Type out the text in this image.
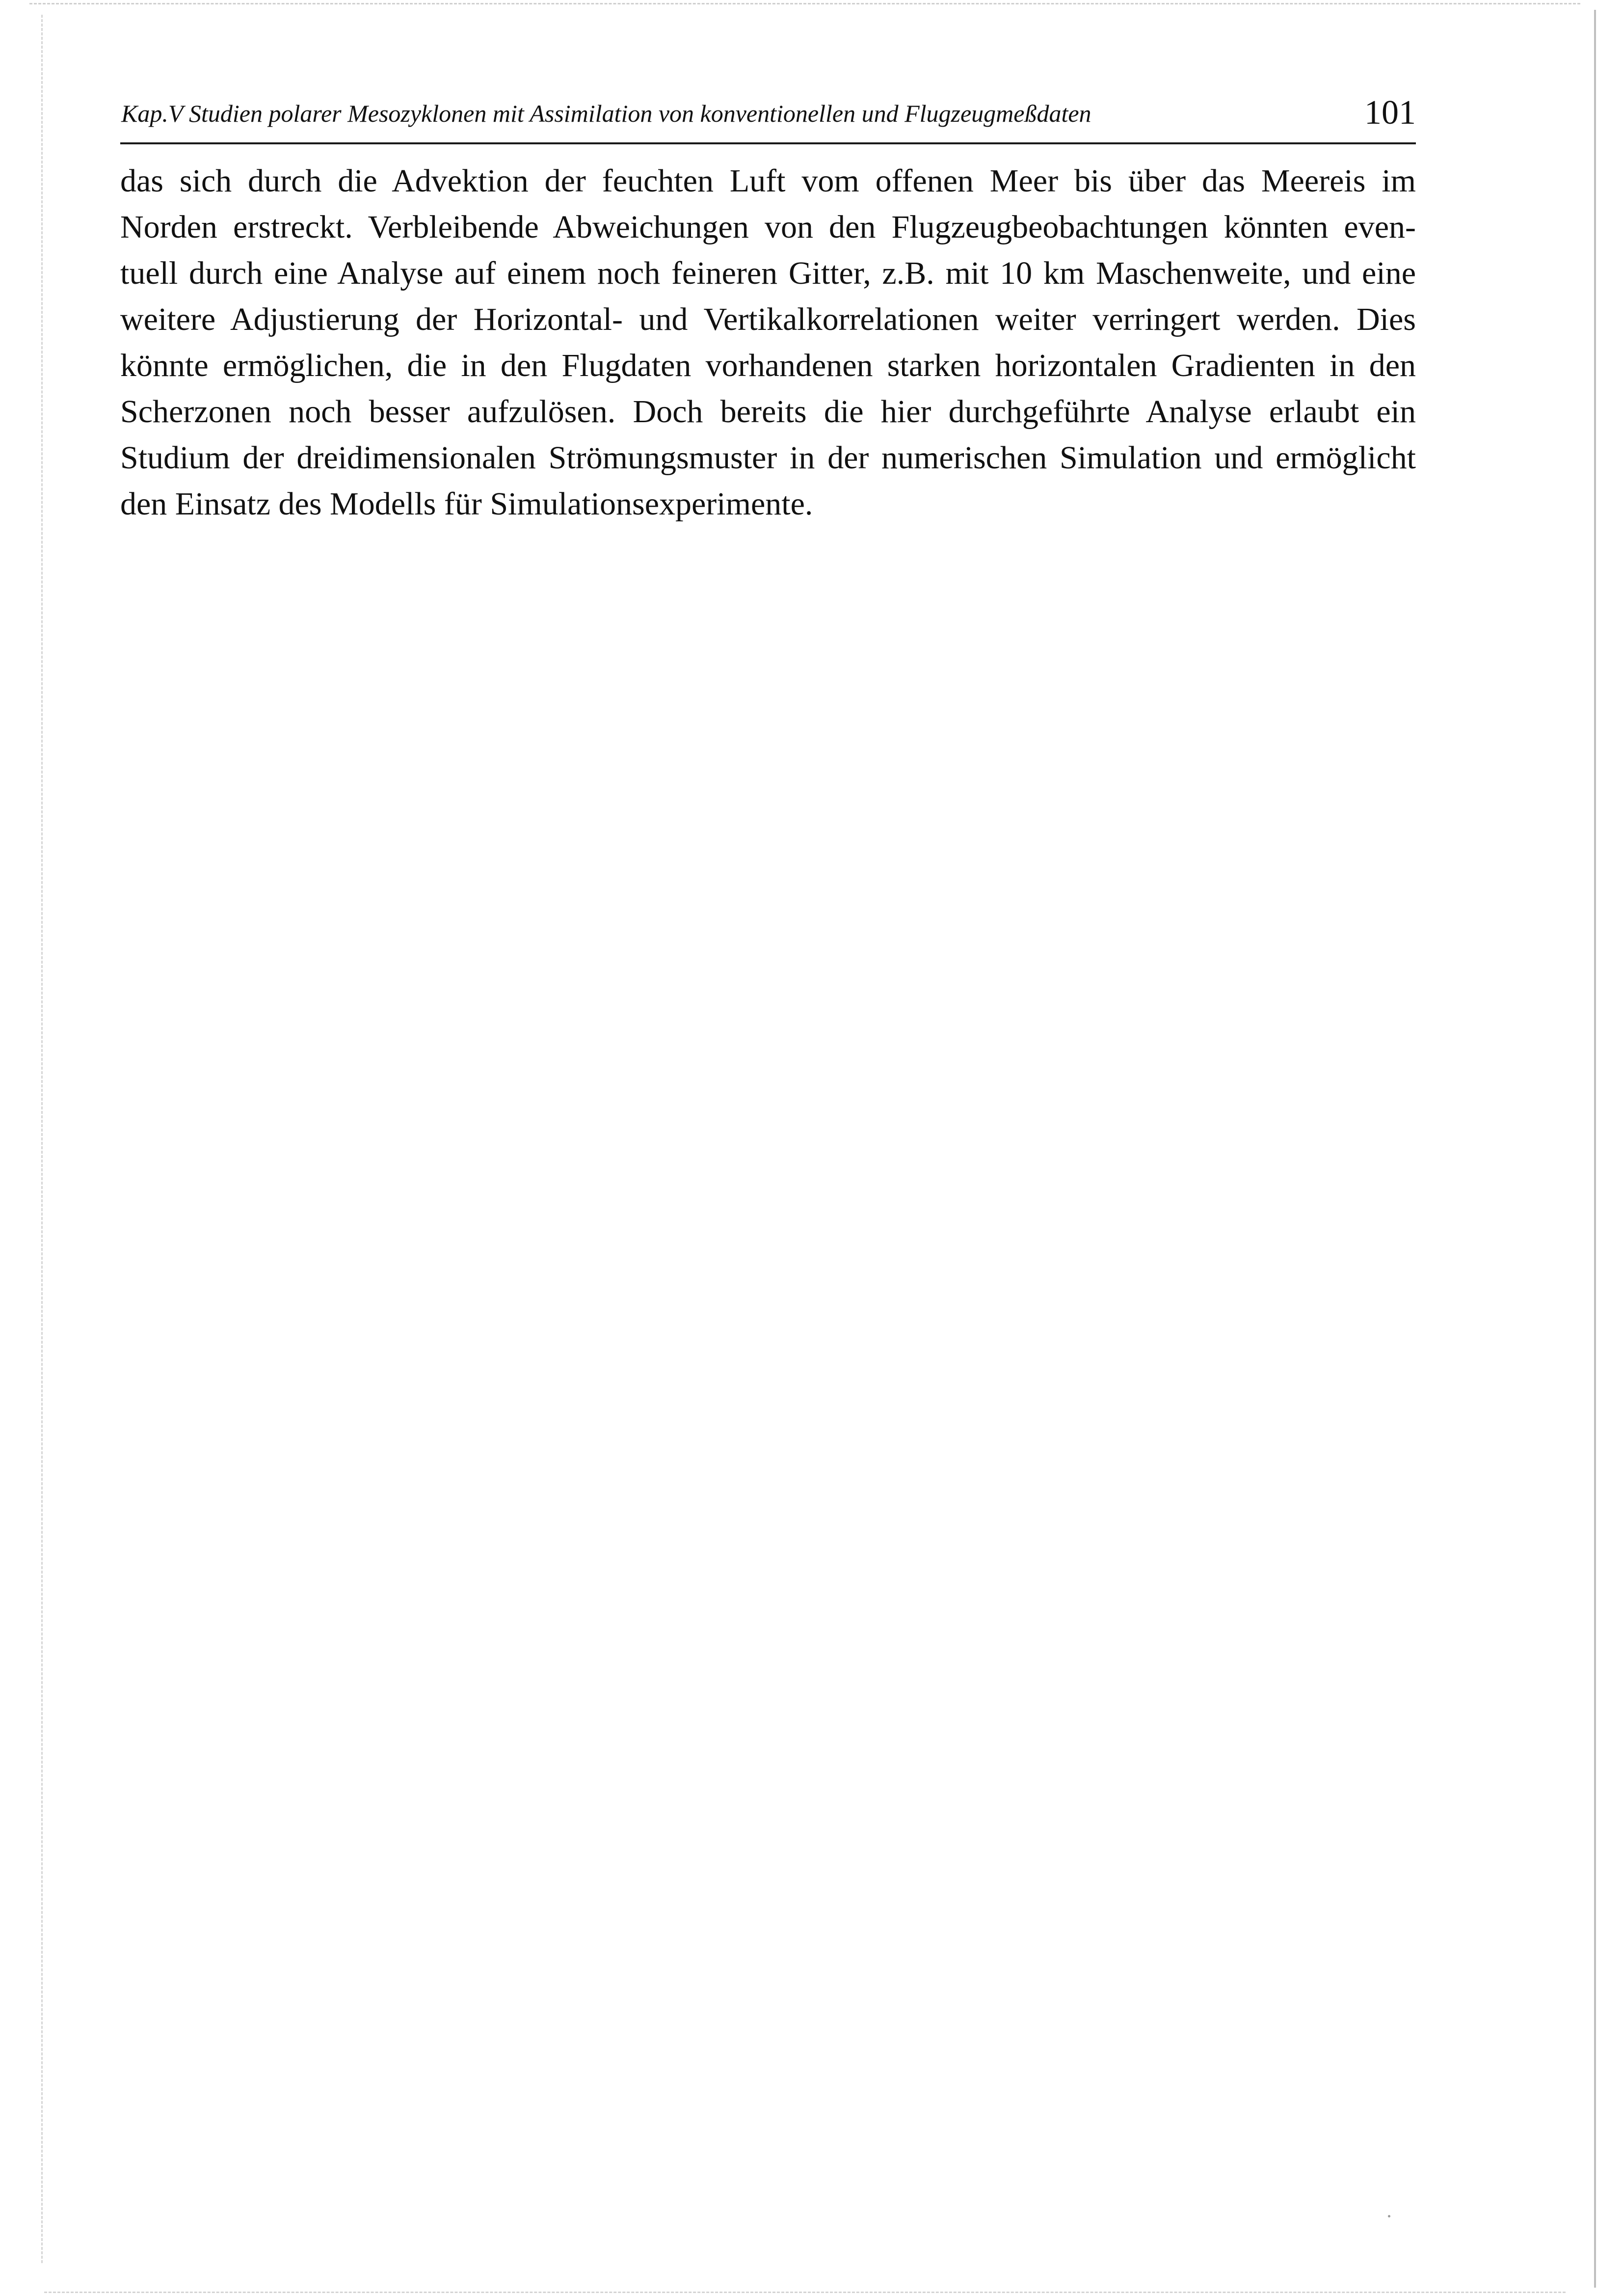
Kap.V Studien polarer Mesozyklonen mit Assimilation von konventionellen und Flugzeugmeßdaten	101
das sich durch die Advektion der feuchten Luft vom offenen Meer bis über das Meereis im
Norden erstreckt. Verbleibende Abweichungen von den Flugzeugbeobachtungen könnten even-
tuell durch eine Analyse auf einem noch feineren Gitter, z.B. mit 10 km Maschenweite, und eine
weitere Adjustierung der Horizontal- und Vertikalkorrelationen weiter verringert werden. Dies
könnte ermöglichen, die in den Flugdaten vorhandenen starken horizontalen Gradienten in den
Scherzonen noch besser aufzulösen. Doch bereits die hier durchgeführte Analyse erlaubt ein
Studium der dreidimensionalen Strömungsmuster in der numerischen Simulation und ermöglicht
den Einsatz des Modells für Simulationsexperimente.
